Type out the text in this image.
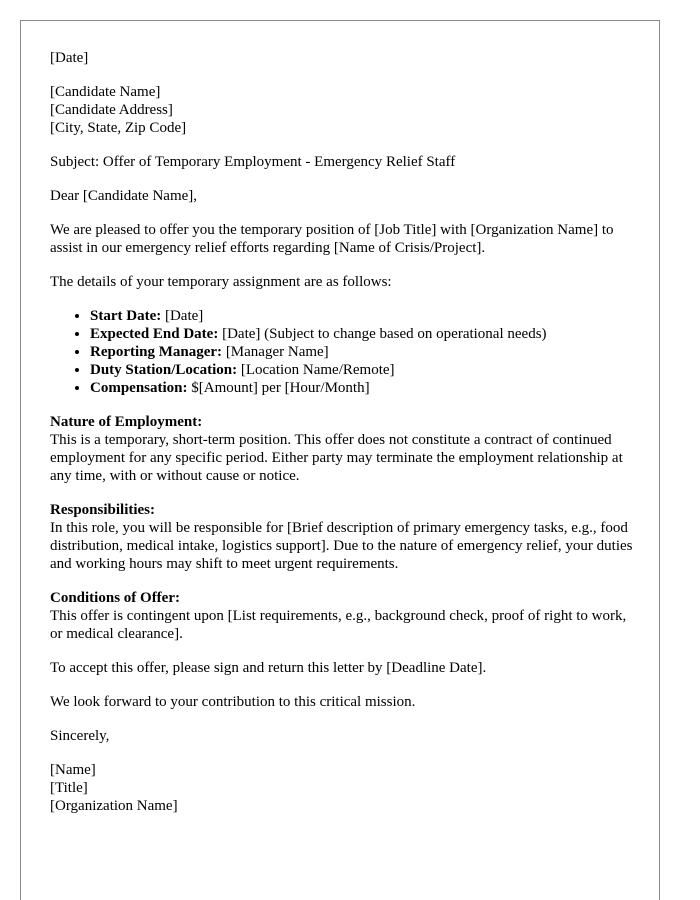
[Date]

[Candidate Name]
[Candidate Address]
[City, State, Zip Code]

Subject: Offer of Temporary Employment - Emergency Relief Staff

Dear [Candidate Name],

We are pleased to offer you the temporary position of [Job Title] with [Organization Name] to assist in our emergency relief efforts regarding [Name of Crisis/Project].

The details of your temporary assignment are as follows:

• Start Date: [Date]
• Expected End Date: [Date] (Subject to change based on operational needs)
• Reporting Manager: [Manager Name]
• Duty Station/Location: [Location Name/Remote]
• Compensation: $[Amount] per [Hour/Month]

Nature of Employment:
This is a temporary, short-term position. This offer does not constitute a contract of continued employment for any specific period. Either party may terminate the employment relationship at any time, with or without cause or notice.

Responsibilities:
In this role, you will be responsible for [Brief description of primary emergency tasks, e.g., food distribution, medical intake, logistics support]. Due to the nature of emergency relief, your duties and working hours may shift to meet urgent requirements.

Conditions of Offer:
This offer is contingent upon [List requirements, e.g., background check, proof of right to work, or medical clearance].

To accept this offer, please sign and return this letter by [Deadline Date].

We look forward to your contribution to this critical mission.

Sincerely,

[Name]
[Title]
[Organization Name]
